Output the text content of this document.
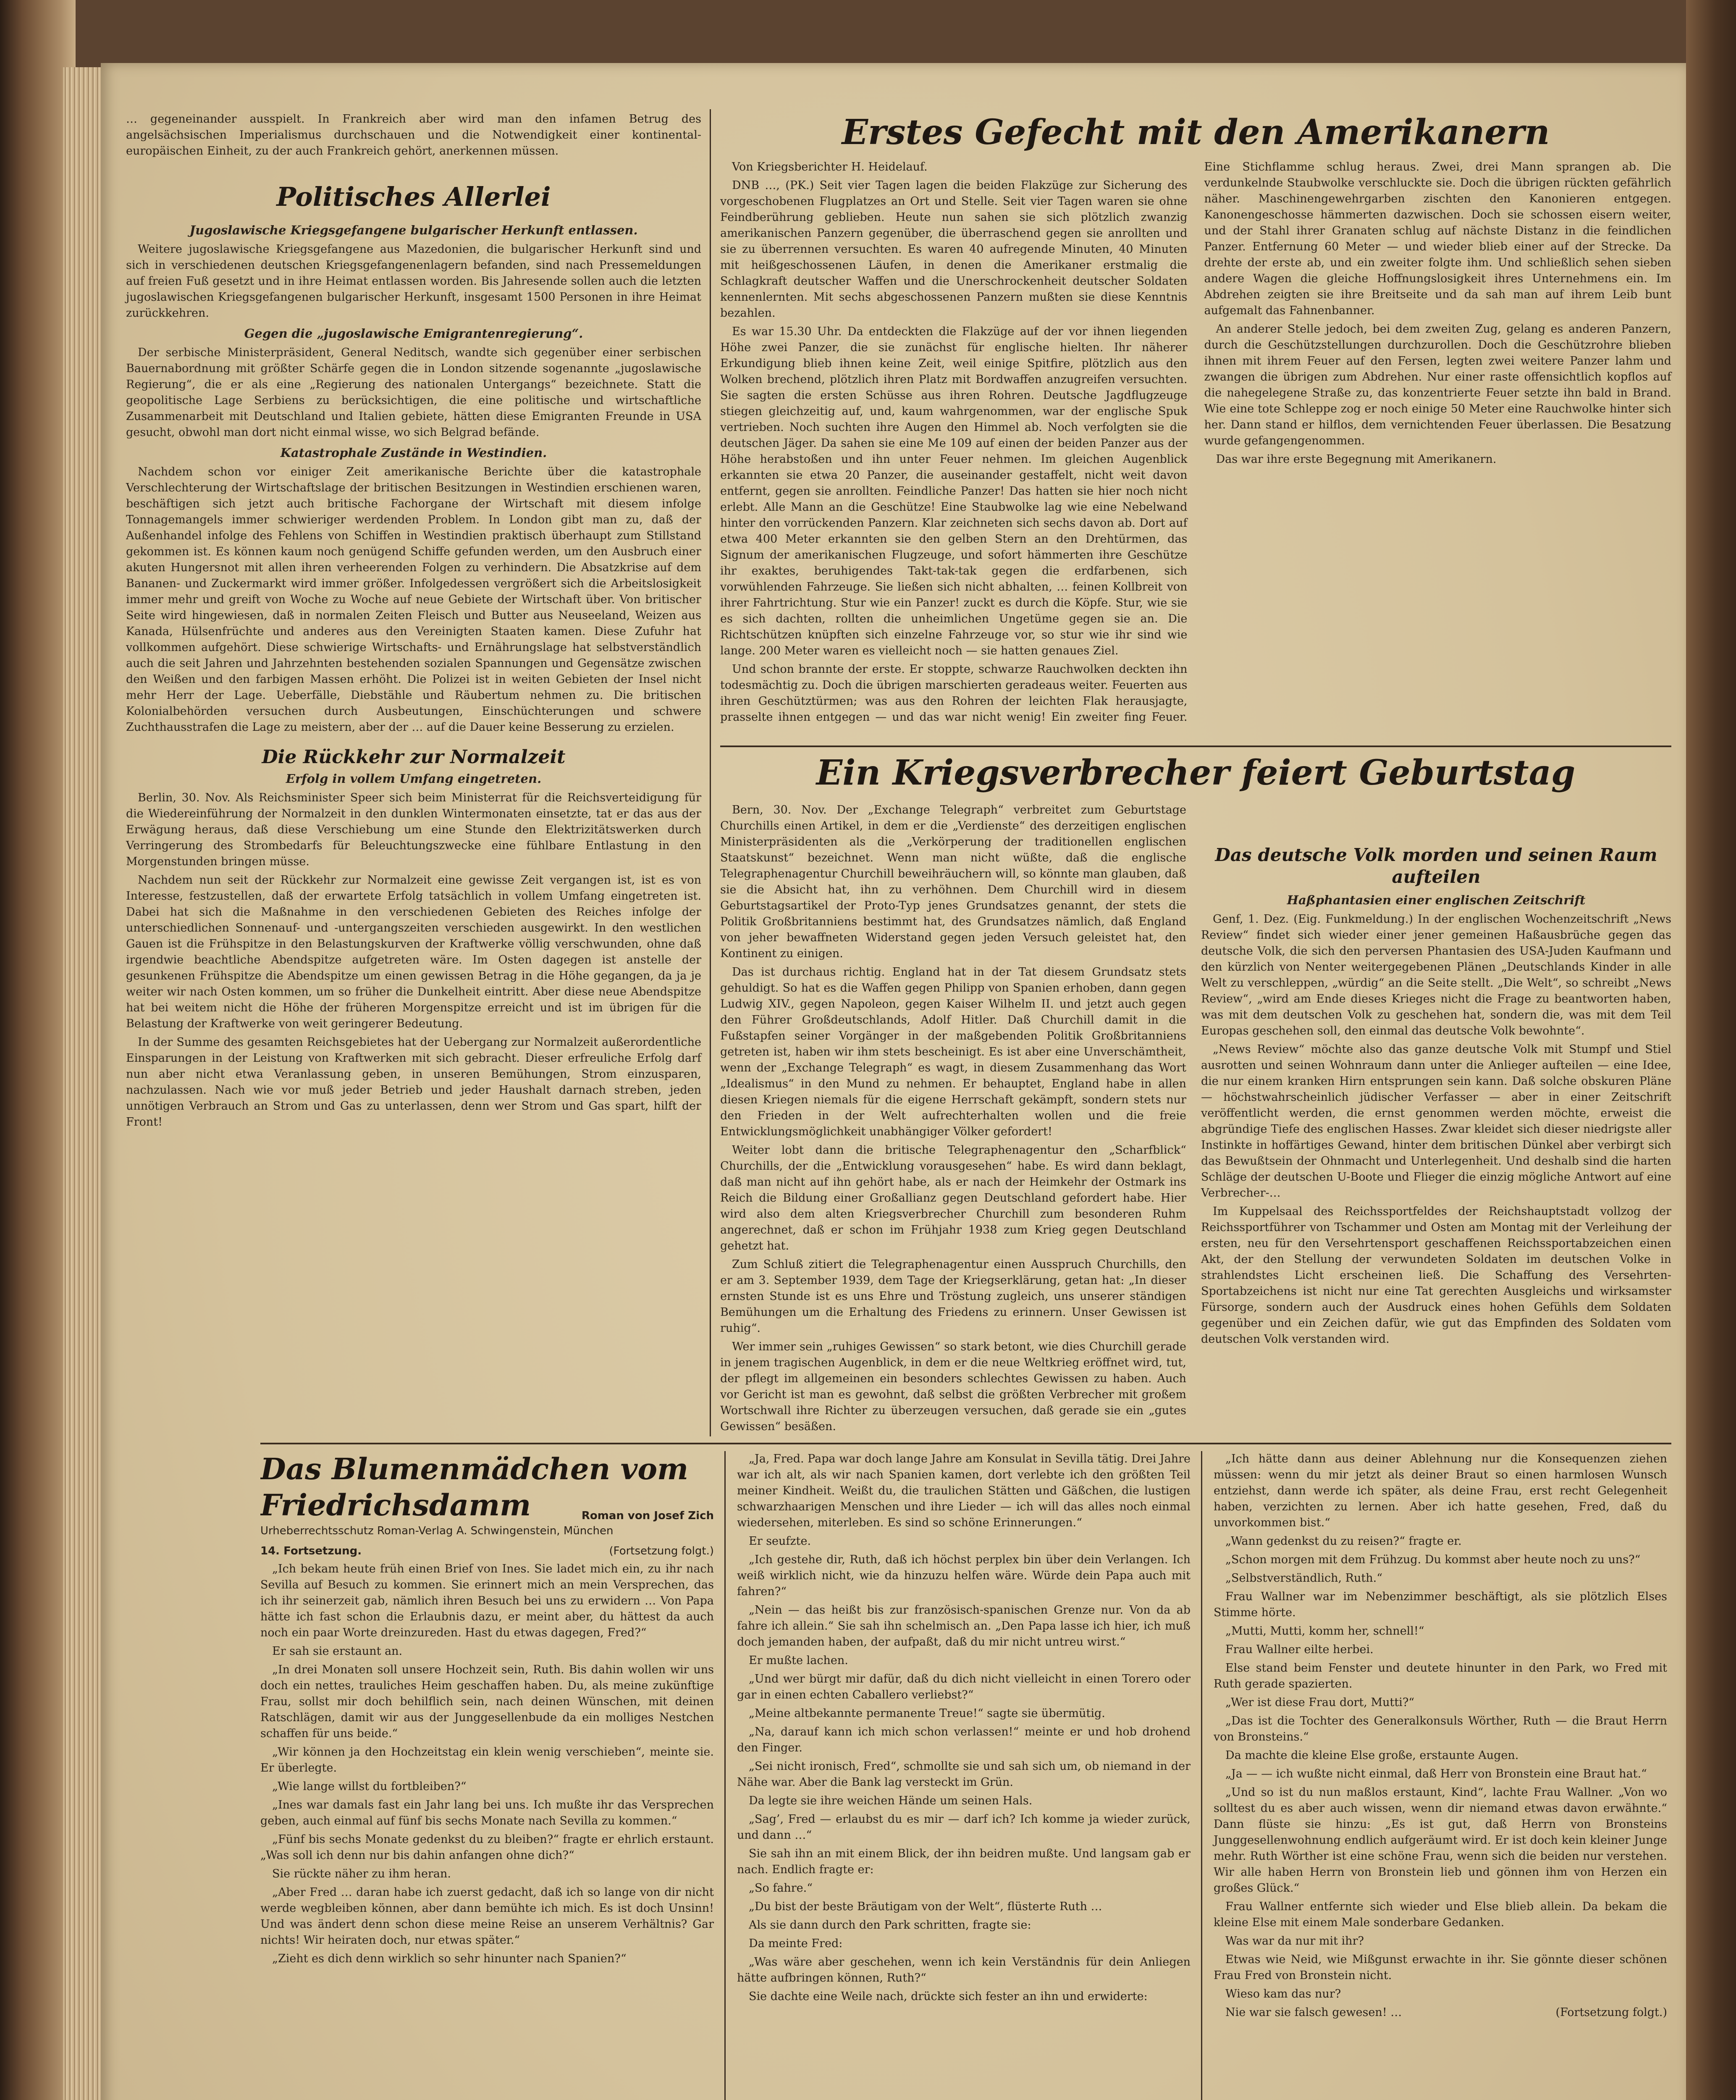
… gegeneinander ausspielt. In Frankreich aber wird man den infamen Betrug des angelsächsischen Imperialismus durchschauen und die Notwendigkeit einer kontinental-europäischen Einheit, zu der auch Frankreich gehört, anerkennen müssen.

Politisches Allerlei

Jugoslawische Kriegsgefangene bulgarischer Herkunft entlassen.

Weitere jugoslawische Kriegsgefangene aus Mazedonien, die bulgarischer Herkunft sind und sich in verschiedenen deutschen Kriegsgefangenenlagern befanden, sind nach Pressemeldungen auf freien Fuß gesetzt und in ihre Heimat entlassen worden. Bis Jahresende sollen auch die letzten jugoslawischen Kriegsgefangenen bulgarischer Herkunft, insgesamt 1500 Personen in ihre Heimat zurückkehren.

Gegen die „jugoslawische Emigrantenregierung“.

Der serbische Ministerpräsident, General Neditsch, wandte sich gegenüber einer serbischen Bauernabordnung mit größter Schärfe gegen die in London sitzende sogenannte „jugoslawische Regierung“, die er als eine „Regierung des nationalen Untergangs“ bezeichnete. Statt die geopolitische Lage Serbiens zu berücksichtigen, die eine politische und wirtschaftliche Zusammenarbeit mit Deutschland und Italien gebiete, hätten diese Emigranten Freunde in USA gesucht, obwohl man dort nicht einmal wisse, wo sich Belgrad befände.

Katastrophale Zustände in Westindien.

Nachdem schon vor einiger Zeit amerikanische Berichte über die katastrophale Verschlechterung der Wirtschaftslage der britischen Besitzungen in Westindien erschienen waren, beschäftigen sich jetzt auch britische Fachorgane der Wirtschaft mit diesem infolge Tonnagemangels immer schwieriger werdenden Problem. In London gibt man zu, daß der Außenhandel infolge des Fehlens von Schiffen in Westindien praktisch überhaupt zum Stillstand gekommen ist. Es können kaum noch genügend Schiffe gefunden werden, um den Ausbruch einer akuten Hungersnot mit allen ihren verheerenden Folgen zu verhindern. Die Absatzkrise auf dem Bananen- und Zuckermarkt wird immer größer. Infolgedessen vergrößert sich die Arbeitslosigkeit immer mehr und greift von Woche zu Woche auf neue Gebiete der Wirtschaft über. Von britischer Seite wird hingewiesen, daß in normalen Zeiten Fleisch und Butter aus Neuseeland, Weizen aus Kanada, Hülsenfrüchte und anderes aus den Vereinigten Staaten kamen. Diese Zufuhr hat vollkommen aufgehört. Diese schwierige Wirtschafts- und Ernährungslage hat selbstverständlich auch die seit Jahren und Jahrzehnten bestehenden sozialen Spannungen und Gegensätze zwischen den Weißen und den farbigen Massen erhöht. Die Polizei ist in weiten Gebieten der Insel nicht mehr Herr der Lage. Ueberfälle, Diebstähle und Räubertum nehmen zu. Die britischen Kolonialbehörden versuchen durch Ausbeutungen, Einschüchterungen und schwere Zuchthausstrafen die Lage zu meistern, aber der … auf die Dauer keine Besserung zu erzielen.

Die Rückkehr zur Normalzeit

Erfolg in vollem Umfang eingetreten.

Berlin, 30. Nov. Als Reichsminister Speer sich beim Ministerrat für die Reichsverteidigung für die Wiedereinführung der Normalzeit in den dunklen Wintermonaten einsetzte, tat er das aus der Erwägung heraus, daß diese Verschiebung um eine Stunde den Elektrizitätswerken durch Verringerung des Strombedarfs für Beleuchtungszwecke eine fühlbare Entlastung in den Morgenstunden bringen müsse.

Nachdem nun seit der Rückkehr zur Normalzeit eine gewisse Zeit vergangen ist, ist es von Interesse, festzustellen, daß der erwartete Erfolg tatsächlich in vollem Umfang eingetreten ist. Dabei hat sich die Maßnahme in den verschiedenen Gebieten des Reiches infolge der unterschiedlichen Sonnenauf- und -untergangszeiten verschieden ausgewirkt. In den westlichen Gauen ist die Frühspitze in den Belastungskurven der Kraftwerke völlig verschwunden, ohne daß irgendwie beachtliche Abendspitze aufgetreten wäre. Im Osten dagegen ist anstelle der gesunkenen Frühspitze die Abendspitze um einen gewissen Betrag in die Höhe gegangen, da ja je weiter wir nach Osten kommen, um so früher die Dunkelheit eintritt. Aber diese neue Abendspitze hat bei weitem nicht die Höhe der früheren Morgenspitze erreicht und ist im übrigen für die Belastung der Kraftwerke von weit geringerer Bedeutung.

In der Summe des gesamten Reichsgebietes hat der Uebergang zur Normalzeit außerordentliche Einsparungen in der Leistung von Kraftwerken mit sich gebracht. Dieser erfreuliche Erfolg darf nun aber nicht etwa Veranlassung geben, in unseren Bemühungen, Strom einzusparen, nachzulassen. Nach wie vor muß jeder Betrieb und jeder Haushalt darnach streben, jeden unnötigen Verbrauch an Strom und Gas zu unterlassen, denn wer Strom und Gas spart, hilft der Front!

Erstes Gefecht mit den Amerikanern

Von Kriegsberichter H. Heidelauf.

DNB …, (PK.) Seit vier Tagen lagen die beiden Flakzüge zur Sicherung des vorgeschobenen Flugplatzes an Ort und Stelle. Seit vier Tagen waren sie ohne Feindberührung geblieben. Heute nun sahen sie sich plötzlich zwanzig amerikanischen Panzern gegenüber, die überraschend gegen sie anrollten und sie zu überrennen versuchten. Es waren 40 aufregende Minuten, 40 Minuten mit heißgeschossenen Läufen, in denen die Amerikaner erstmalig die Schlagkraft deutscher Waffen und die Unerschrockenheit deutscher Soldaten kennenlernten. Mit sechs abgeschossenen Panzern mußten sie diese Kenntnis bezahlen.

Es war 15.30 Uhr. Da entdeckten die Flakzüge auf der vor ihnen liegenden Höhe zwei Panzer, die sie zunächst für englische hielten. Ihr näherer Erkundigung blieb ihnen keine Zeit, weil einige Spitfire, plötzlich aus den Wolken brechend, plötzlich ihren Platz mit Bordwaffen anzugreifen versuchten. Sie sagten die ersten Schüsse aus ihren Rohren. Deutsche Jagdflugzeuge stiegen gleichzeitig auf, und, kaum wahrgenommen, war der englische Spuk vertrieben. Noch suchten ihre Augen den Himmel ab. Noch verfolgten sie die deutschen Jäger. Da sahen sie eine Me 109 auf einen der beiden Panzer aus der Höhe herabstoßen und ihn unter Feuer nehmen. Im gleichen Augenblick erkannten sie etwa 20 Panzer, die auseinander gestaffelt, nicht weit davon entfernt, gegen sie anrollten. Feindliche Panzer! Das hatten sie hier noch nicht erlebt. Alle Mann an die Geschütze! Eine Staubwolke lag wie eine Nebelwand hinter den vorrückenden Panzern. Klar zeichneten sich sechs davon ab. Dort auf etwa 400 Meter erkannten sie den gelben Stern an den Drehtürmen, das Signum der amerikanischen Flugzeuge, und sofort hämmerten ihre Geschütze ihr exaktes, beruhigendes Takt-tak-tak gegen die erdfarbenen, sich vorwühlenden Fahrzeuge. Sie ließen sich nicht abhalten, … feinen Kollbreit von ihrer Fahrtrichtung. Stur wie ein Panzer! zuckt es durch die Köpfe. Stur, wie sie es sich dachten, rollten die unheimlichen Ungetüme gegen sie an. Die Richtschützen knüpften sich einzelne Fahrzeuge vor, so stur wie ihr sind wie lange. 200 Meter waren es vielleicht noch — sie hatten genaues Ziel.

Und schon brannte der erste. Er stoppte, schwarze Rauchwolken deckten ihn todesmächtig zu. Doch die übrigen marschierten geradeaus weiter. Feuerten aus ihren Geschütztürmen; was aus den Rohren der leichten Flak herausjagte, prasselte ihnen entgegen — und das war nicht wenig! Ein zweiter fing Feuer. Eine Stichflamme schlug heraus. Zwei, drei Mann sprangen ab. Die verdunkelnde Staubwolke verschluckte sie. Doch die übrigen rückten gefährlich näher. Maschinengewehrgarben zischten den Kanonieren entgegen. Kanonengeschosse hämmerten dazwischen. Doch sie schossen eisern weiter, und der Stahl ihrer Granaten schlug auf nächste Distanz in die feindlichen Panzer. Entfernung 60 Meter — und wieder blieb einer auf der Strecke. Da drehte der erste ab, und ein zweiter folgte ihm. Und schließlich sehen sieben andere Wagen die gleiche Hoffnungslosigkeit ihres Unternehmens ein. Im Abdrehen zeigten sie ihre Breitseite und da sah man auf ihrem Leib bunt aufgemalt das Fahnenbanner.

An anderer Stelle jedoch, bei dem zweiten Zug, gelang es anderen Panzern, durch die Geschützstellungen durchzurollen. Doch die Geschützrohre blieben ihnen mit ihrem Feuer auf den Fersen, legten zwei weitere Panzer lahm und zwangen die übrigen zum Abdrehen. Nur einer raste offensichtlich kopflos auf die nahegelegene Straße zu, das konzentrierte Feuer setzte ihn bald in Brand. Wie eine tote Schleppe zog er noch einige 50 Meter eine Rauchwolke hinter sich her. Dann stand er hilflos, dem vernichtenden Feuer überlassen. Die Besatzung wurde gefangengenommen.

Das war ihre erste Begegnung mit Amerikanern.

Ein Kriegsverbrecher feiert Geburtstag

Bern, 30. Nov. Der „Exchange Telegraph“ verbreitet zum Geburtstage Churchills einen Artikel, in dem er die „Verdienste“ des derzeitigen englischen Ministerpräsidenten als die „Verkörperung der traditionellen englischen Staatskunst“ bezeichnet. Wenn man nicht wüßte, daß die englische Telegraphenagentur Churchill beweihräuchern will, so könnte man glauben, daß sie die Absicht hat, ihn zu verhöhnen. Dem Churchill wird in diesem Geburtstagsartikel der Proto-Typ jenes Grundsatzes genannt, der stets die Politik Großbritanniens bestimmt hat, des Grundsatzes nämlich, daß England von jeher bewaffneten Widerstand gegen jeden Versuch geleistet hat, den Kontinent zu einigen.

Das ist durchaus richtig. England hat in der Tat diesem Grundsatz stets gehuldigt. So hat es die Waffen gegen Philipp von Spanien erhoben, dann gegen Ludwig XIV., gegen Napoleon, gegen Kaiser Wilhelm II. und jetzt auch gegen den Führer Großdeutschlands, Adolf Hitler. Daß Churchill damit in die Fußstapfen seiner Vorgänger in der maßgebenden Politik Großbritanniens getreten ist, haben wir ihm stets bescheinigt. Es ist aber eine Unverschämtheit, wenn der „Exchange Telegraph“ es wagt, in diesem Zusammenhang das Wort „Idealismus“ in den Mund zu nehmen. Er behauptet, England habe in allen diesen Kriegen niemals für die eigene Herrschaft gekämpft, sondern stets nur den Frieden in der Welt aufrechterhalten wollen und die freie Entwicklungsmöglichkeit unabhängiger Völker gefordert!

Weiter lobt dann die britische Telegraphenagentur den „Scharfblick“ Churchills, der die „Entwicklung vorausgesehen“ habe. Es wird dann beklagt, daß man nicht auf ihn gehört habe, als er nach der Heimkehr der Ostmark ins Reich die Bildung einer Großallianz gegen Deutschland gefordert habe. Hier wird also dem alten Kriegsverbrecher Churchill zum besonderen Ruhm angerechnet, daß er schon im Frühjahr 1938 zum Krieg gegen Deutschland gehetzt hat.

Zum Schluß zitiert die Telegraphenagentur einen Ausspruch Churchills, den er am 3. September 1939, dem Tage der Kriegserklärung, getan hat: „In dieser ernsten Stunde ist es uns Ehre und Tröstung zugleich, uns unserer ständigen Bemühungen um die Erhaltung des Friedens zu erinnern. Unser Gewissen ist ruhig“.

Wer immer sein „ruhiges Gewissen“ so stark betont, wie dies Churchill gerade in jenem tragischen Augenblick, in dem er die neue Weltkrieg eröffnet wird, tut, der pflegt im allgemeinen ein besonders schlechtes Gewissen zu haben. Auch vor Gericht ist man es gewohnt, daß selbst die größten Verbrecher mit großem Wortschwall ihre Richter zu überzeugen versuchen, daß gerade sie ein „gutes Gewissen“ besäßen.

Das deutsche Volk morden und seinen Raum aufteilen

Haßphantasien einer englischen Zeitschrift

Genf, 1. Dez. (Eig. Funkmeldung.) In der englischen Wochenzeitschrift „News Review“ findet sich wieder einer jener gemeinen Haßausbrüche gegen das deutsche Volk, die sich den perversen Phantasien des USA-Juden Kaufmann und den kürzlich von Nenter weitergegebenen Plänen „Deutschlands Kinder in alle Welt zu verschleppen, „würdig“ an die Seite stellt. „Die Welt“, so schreibt „News Review“, „wird am Ende dieses Krieges nicht die Frage zu beantworten haben, was mit dem deutschen Volk zu geschehen hat, sondern die, was mit dem Teil Europas geschehen soll, den einmal das deutsche Volk bewohnte“.

„News Review“ möchte also das ganze deutsche Volk mit Stumpf und Stiel ausrotten und seinen Wohnraum dann unter die Anlieger aufteilen — eine Idee, die nur einem kranken Hirn entsprungen sein kann. Daß solche obskuren Pläne — höchstwahrscheinlich jüdischer Verfasser — aber in einer Zeitschrift veröffentlicht werden, die ernst genommen werden möchte, erweist die abgründige Tiefe des englischen Hasses. Zwar kleidet sich dieser niedrigste aller Instinkte in hoffärtiges Gewand, hinter dem britischen Dünkel aber verbirgt sich das Bewußtsein der Ohnmacht und Unterlegenheit. Und deshalb sind die harten Schläge der deutschen U-Boote und Flieger die einzig mögliche Antwort auf eine Verbrecher-…

Im Kuppelsaal des Reichssportfeldes der Reichshauptstadt vollzog der Reichssportführer von Tschammer und Osten am Montag mit der Verleihung der ersten, neu für den Versehrtensport geschaffenen Reichssportabzeichen einen Akt, der den Stellung der verwundeten Soldaten im deutschen Volke in strahlendstes Licht erscheinen ließ. Die Schaffung des Versehrten-Sportabzeichens ist nicht nur eine Tat gerechten Ausgleichs und wirksamster Fürsorge, sondern auch der Ausdruck eines hohen Gefühls dem Soldaten gegenüber und ein Zeichen dafür, wie gut das Empfinden des Soldaten vom deutschen Volk verstanden wird.

Das Blumenmädchen vom

Friedrichsdamm	Roman von Josef Zich

Urheberrechtsschutz Roman-Verlag A. Schwingenstein, München

14. Fortsetzung.	(Fortsetzung folgt.)

„Ich bekam heute früh einen Brief von Ines. Sie ladet mich ein, zu ihr nach Sevilla auf Besuch zu kommen. Sie erinnert mich an mein Versprechen, das ich ihr seinerzeit gab, nämlich ihren Besuch bei uns zu erwidern … Von Papa hätte ich fast schon die Erlaubnis dazu, er meint aber, du hättest da auch noch ein paar Worte dreinzureden. Hast du etwas dagegen, Fred?“

Er sah sie erstaunt an.

„In drei Monaten soll unsere Hochzeit sein, Ruth. Bis dahin wollen wir uns doch ein nettes, trauliches Heim geschaffen haben. Du, als meine zukünftige Frau, sollst mir doch behilflich sein, nach deinen Wünschen, mit deinen Ratschlägen, damit wir aus der Junggesellenbude da ein molliges Nestchen schaffen für uns beide.“

„Wir können ja den Hochzeitstag ein klein wenig verschieben“, meinte sie. Er überlegte.

„Wie lange willst du fortbleiben?“

„Ines war damals fast ein Jahr lang bei uns. Ich mußte ihr das Versprechen geben, auch einmal auf fünf bis sechs Monate nach Sevilla zu kommen.“

„Fünf bis sechs Monate gedenkst du zu bleiben?“ fragte er ehrlich erstaunt. „Was soll ich denn nur bis dahin anfangen ohne dich?“

Sie rückte näher zu ihm heran.

„Aber Fred … daran habe ich zuerst gedacht, daß ich so lange von dir nicht werde wegbleiben können, aber dann bemühte ich mich. Es ist doch Unsinn! Und was ändert denn schon diese meine Reise an unserem Verhältnis? Gar nichts! Wir heiraten doch, nur etwas später.“

„Zieht es dich denn wirklich so sehr hinunter nach Spanien?“

„Ja, Fred. Papa war doch lange Jahre am Konsulat in Sevilla tätig. Drei Jahre war ich alt, als wir nach Spanien kamen, dort verlebte ich den größten Teil meiner Kindheit. Weißt du, die traulichen Stätten und Gäßchen, die lustigen schwarzhaarigen Menschen und ihre Lieder — ich will das alles noch einmal wiedersehen, miterleben. Es sind so schöne Erinnerungen.“

Er seufzte.

„Ich gestehe dir, Ruth, daß ich höchst perplex bin über dein Verlangen. Ich weiß wirklich nicht, wie da hinzuzu helfen wäre. Würde dein Papa auch mit fahren?“

„Nein — das heißt bis zur französisch-spanischen Grenze nur. Von da ab fahre ich allein.“ Sie sah ihn schelmisch an. „Den Papa lasse ich hier, ich muß doch jemanden haben, der aufpaßt, daß du mir nicht untreu wirst.“

Er mußte lachen.

„Und wer bürgt mir dafür, daß du dich nicht vielleicht in einen Torero oder gar in einen echten Caballero verliebst?“

„Meine altbekannte permanente Treue!“ sagte sie übermütig.

„Na, darauf kann ich mich schon verlassen!“ meinte er und hob drohend den Finger.

„Sei nicht ironisch, Fred“, schmollte sie und sah sich um, ob niemand in der Nähe war. Aber die Bank lag versteckt im Grün.

Da legte sie ihre weichen Hände um seinen Hals.

„Sag’, Fred — erlaubst du es mir — darf ich? Ich komme ja wieder zurück, und dann …“

Sie sah ihn an mit einem Blick, der ihn beidren mußte. Und langsam gab er nach. Endlich fragte er:

„So fahre.“

„Du bist der beste Bräutigam von der Welt“, flüsterte Ruth …

Als sie dann durch den Park schritten, fragte sie:

Da meinte Fred:

„Was wäre aber geschehen, wenn ich kein Verständnis für dein Anliegen hätte aufbringen können, Ruth?“

Sie dachte eine Weile nach, drückte sich fester an ihn und erwiderte:

„Ich hätte dann aus deiner Ablehnung nur die Konsequenzen ziehen müssen: wenn du mir jetzt als deiner Braut so einen harmlosen Wunsch entziehst, dann werde ich später, als deine Frau, erst recht Gelegenheit haben, verzichten zu lernen. Aber ich hatte gesehen, Fred, daß du unvorkommen bist.“

„Wann gedenkst du zu reisen?“ fragte er.

„Schon morgen mit dem Frühzug. Du kommst aber heute noch zu uns?“

„Selbstverständlich, Ruth.“

Frau Wallner war im Nebenzimmer beschäftigt, als sie plötzlich Elses Stimme hörte.

„Mutti, Mutti, komm her, schnell!“

Frau Wallner eilte herbei.

Else stand beim Fenster und deutete hinunter in den Park, wo Fred mit Ruth gerade spazierten.

„Wer ist diese Frau dort, Mutti?“

„Das ist die Tochter des Generalkonsuls Wörther, Ruth — die Braut Herrn von Bronsteins.“

Da machte die kleine Else große, erstaunte Augen.

„Ja — — ich wußte nicht einmal, daß Herr von Bronstein eine Braut hat.“

„Und so ist du nun maßlos erstaunt, Kind“, lachte Frau Wallner. „Von wo solltest du es aber auch wissen, wenn dir niemand etwas davon erwähnte.“ Dann flüste sie hinzu: „Es ist gut, daß Herrn von Bronsteins Junggesellenwohnung endlich aufgeräumt wird. Er ist doch kein kleiner Junge mehr. Ruth Wörther ist eine schöne Frau, wenn sich die beiden nur verstehen. Wir alle haben Herrn von Bronstein lieb und gönnen ihm von Herzen ein großes Glück.“

Frau Wallner entfernte sich wieder und Else blieb allein. Da bekam die kleine Else mit einem Male sonderbare Gedanken.

Was war da nur mit ihr?

Etwas wie Neid, wie Mißgunst erwachte in ihr. Sie gönnte dieser schönen Frau Fred von Bronstein nicht.

Wieso kam das nur?

Nie war sie falsch gewesen! …	(Fortsetzung folgt.)
